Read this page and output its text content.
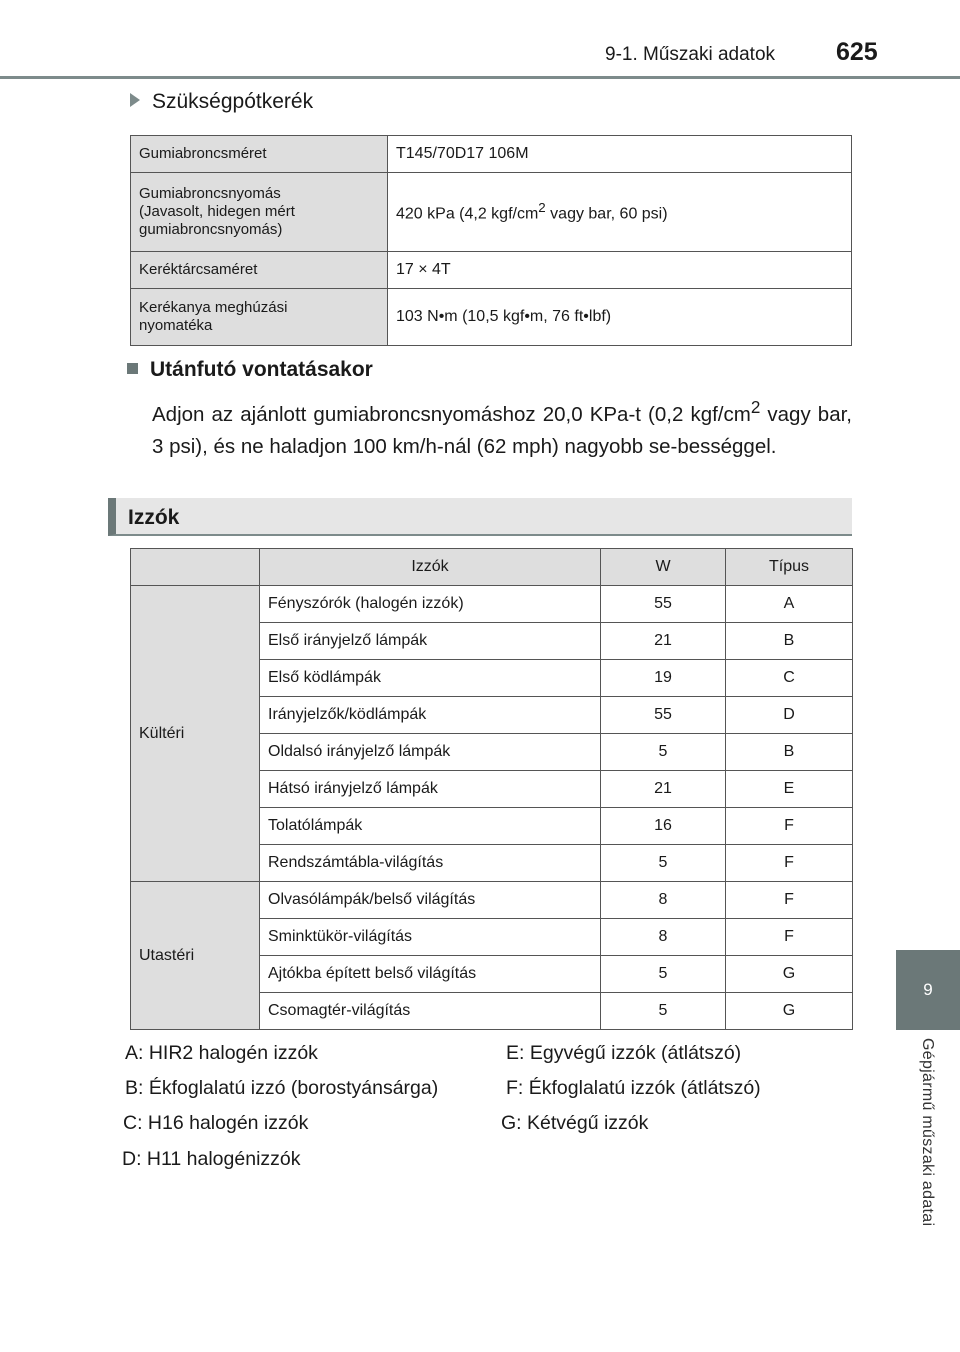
9-1. Műszaki adatok 625
9
Gépjármű műszaki adatai
Szükségpótkerék
Gumiabroncsméret	T145/70D17 106M

Gumiabroncsnyomás
(Javasolt, hidegen mért
gumiabroncsnyomás)	420 kPa (4,2 kgf/$cm^2$ vagy bar, 60 psi)
Keréktárcsaméret	17 × 4T

Kerékanya meghúzási
nyomatéka	103 N•m (10,5 kgf•m, 76 ft•lbf)
Utánfutó vontatásakor
Adjon az ajánlott gumiabroncsnyomáshoz 20,0 KPa-t (0,2 kgf/$cm^2$ vagy bar, 3 psi), és ne haladjon 100 km/h-nál (62 mph) nagyobb se-bességgel.
Izzók
	Izzók	W	Típus
Kültéri	Fényszórók (halogén izzók)	55	A
	Első irányjelző lámpák	21	B
	Első ködlámpák	19	C
	Irányjelzők/ködlámpák	55	D
	Oldalsó irányjelző lámpák	5	B
	Hátsó irányjelző lámpák	21	E
	Tolatólámpák	16	F
	Rendszámtábla-világítás	5	F
Utastéri	Olvasólámpák/belső világítás	8	F
	Sminktükör-világítás	8	F
	Ajtókba épített belső világítás	5	G
	Csomagtér-világítás	5	G
A: HIR2 halogén izzók	E: Egyvégű izzók (átlátszó)
B: Ékfoglalatú izzó (borostyánsárga)	F: Ékfoglalatú izzók (átlátszó)
C: H16 halogén izzók	G: Kétvégű izzók
D: H11 halogénizzók
